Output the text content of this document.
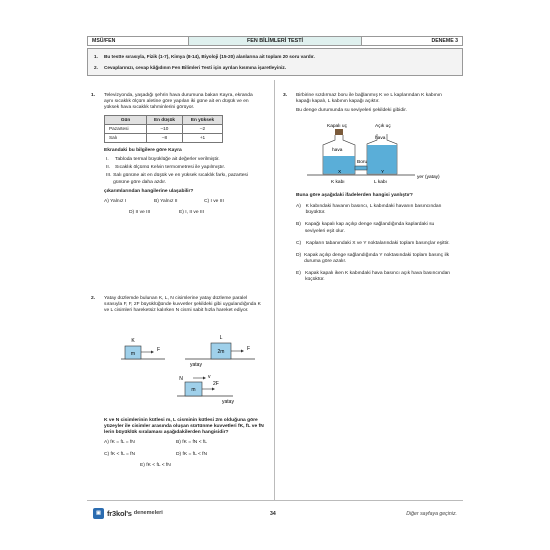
MSÜ/FEN	FEN BİLİMLERİ TESTİ	DENEME 3
1.	Bu testte sırasıyla, Fizik (1-7), Kimya (8-14), Biyoloji (15-20) alanlarına ait toplam 20 soru vardır.
2.	Cevaplarınızı, cevap kâğıdının Fen Bilimleri Testi için ayrılan kısmına işaretleyiniz.
1. Televizyonda, yaşadığı şehrin hava durumuna bakan Kayra, ekranda aynı sıcaklık ölçüm aletine göre yapılan iki güne ait en düşük ve en yüksek hava sıcaklık tahminlerini görüyor.
Gün	En düşük	En yüksek
Pazartesi	–10	–2
Salı	–8	+1
Ekrandaki bu bilgilere göre Kayra
I.	Tabloda termal büyüklüğe ait değerler verilmiştir.
II.	Sıcaklık ölçümü Kelvin termometresi ile yapılmıştır.
III. Salı gününe ait en düşük ve en yüksek sıcaklık farkı, pazartesi gününe göre daha azdır.
çıkarımlarından hangilerine ulaşabilir?
A) Yalnız I	B) Yalnız II	C) I ve III
D) II ve III	E) I, II ve III
2. Yatay düzlemde bulunan K, L, N cisimlerine yatay düzleme paralel sırasıyla F, F, 2F büyüklüğünde kuvvetler şekildeki gibi uygulandığında K ve L cisimleri hareketsiz kalırken N cismi sabit hızla hareket ediyor.
K
m
F
L
2m	F
yatay
N
m
v
2F
yatay
K ve N cisimlerinin kütlesi m, L cisminin kütlesi 2m olduğuna göre yüzeyler ile cisimler arasında oluşan sürtünme kuvvetleri fK, fL ve fN lerin büyüklük sıralaması aşağıdakilerden hangisidir?
A) fK = fL = fN	B) fK = fN < fL
C) fK < fL = fN	D) fK = fL < fN
E) fK < fL < fN
3. Birbirine sızdırmaz boru ile bağlanmış K ve L kaplarından K kabının kapağı kapalı, L kabının kapağı açıktır.
Bu denge durumunda su seviyeleri şekildeki gibidir.
Kapalı uç	Açık uç
hava
hava
Boru
X	Y
yer (yatay)
K kabı	L kabı
Buna göre aşağıdaki ifadelerden hangisi yanlıştır?
A) K kabındaki havanın basıncı, L kabındaki havanın basıncından büyüktür.
B) Kapağı kapalı kap açılıp denge sağlandığında kaplardaki su seviyeleri eşit olur.
C) Kapların tabanındaki X ve Y noktalarındaki toplam basınçlar eşittir.
D) Kapak açılıp denge sağlandığında Y noktasındaki toplam basınç ilk duruma göre azalır.
E) Kapak kapalı iken K kabındaki hava basıncı açık hava basıncından küçüktür.
▣ fr3kol's denemeleri	34	Diğer sayfaya geçiniz.
